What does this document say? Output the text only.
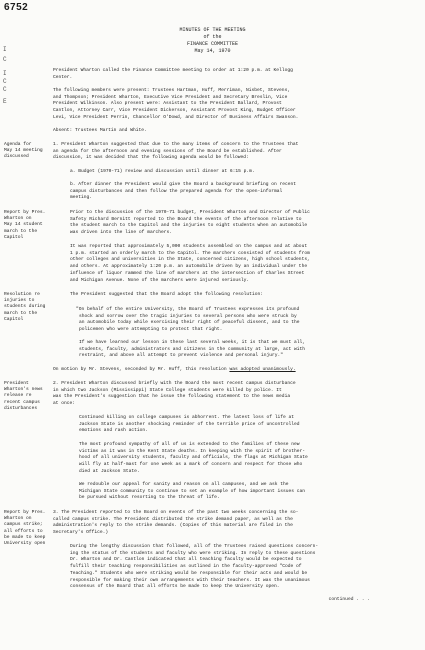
6752
I
C
I
C
C
E
MINUTES OF THE MEETING
of the
FINANCE COMMITTEE
May 14, 1970
President Wharton called the Finance Committee meeting to order at 1:20 p.m. at Kellogg
Center.
The following members were present: Trustees Hartman, Huff, Merriman, Nisbet, Stevens,
and Thompson; President Wharton, Executive Vice President and Secretary Breslin, Vice
President Wilkinson. Also present were: Assistant to the President Ballard, Provost
Cantlon, Attorney Carr, Vice President Dickerson, Assistant Provost King, Budget Officer
Levi, Vice President Perrin, Chancellor O'Dowd, and Director of Business Affairs Swanson.
Absent: Trustees Martin and White.
Agenda for
May 14 meeting
discussed
1. President Wharton suggested that due to the many items of concern to the Trustees that
an agenda for the afternoon and evening sessions of the Board be established. After
discussion, it was decided that the following agenda would be followed:
a. Budget (1970-71) review and discussion until dinner at 6:15 p.m.
b. After dinner the President would give the Board a background briefing on recent
campus disturbances and then follow the prepared agenda for the open-informal
meeting.
Report by Pres.
Wharton on
May 14 student
march to the
Capitol
Prior to the discussion of the 1970-71 budget, President Wharton and Director of Public
Safety Richard Bernitt reported to the Board the events of the afternoon relative to
the student march to the Capitol and the injuries to eight students when an automobile
was driven into the line of marchers.
It was reported that approximately 5,000 students assembled on the campus and at about
1 p.m. started an orderly march to the Capitol. The marchers consisted of students from
other colleges and universities in the State, concerned citizens, high school students,
and others. At approximately 1:20 p.m. an automobile driven by an individual under the
influence of liquor rammed the line of marchers at the intersection of Charles Street
and Michigan Avenue. None of the marchers were injured seriously.
Resolution re
injuries to
students during
march to the
Capitol
The President suggested that the Board adopt the following resolution:
"On behalf of the entire University, the Board of Trustees expresses its profound
shock and sorrow over the tragic injuries to several persons who were struck by
an automobile today while exercising their right of peaceful dissent, and to the
policemen who were attempting to protect that right.
If we have learned our lesson in these last several weeks, it is that we must all,
students, faculty, administrators and citizens in the community at large, act with
restraint, and above all attempt to prevent violence and personal injury."
On motion by Mr. Stevens, seconded by Mr. Huff, this resolution was adopted unanimously.
President
Wharton's news
release re
recent campus
disturbances
2. President Wharton discussed briefly with the Board the most recent campus disturbance
in which two Jackson (Mississippi) State College students were killed by police. It
was the President's suggestion that he issue the following statement to the news media
at once:
Continued killing on college campuses is abhorrent. The latest loss of life at
Jackson State is another shocking reminder of the terrible price of uncontrolled
emotions and rash action.
The most profound sympathy of all of us is extended to the families of these new
victims as it was in the Kent State deaths. In keeping with the spirit of brother-
hood of all university students, faculty and officials, the flags at Michigan State
will fly at half-mast for one week as a mark of concern and respect for those who
died at Jackson State.
We redouble our appeal for sanity and reason on all campuses, and we ask the
Michigan State community to continue to set an example of how important issues can
be pursued without resorting to the threat of life.
Report by Pres.
Wharton on
campus strike;
all efforts to
be made to keep
University open
3. The President reported to the Board on events of the past two weeks concerning the so-
called campus strike. The President distributed the strike demand paper, as well as the
administration's reply to the strike demands. (Copies of this material are filed in the
Secretary's Office.)
During the lengthy discussion that followed, all of the Trustees raised questions concern-
ing the status of the students and faculty who were striking. In reply to these questions
Dr. Wharton and Dr. Cantlon indicated that all teaching faculty would be expected to
fulfill their teaching responsibilities as outlined in the faculty-approved "Code of
Teaching." Students who were striking would be responsible for their acts and would be
responsible for making their own arrangements with their teachers. It was the unanimous
consensus of the Board that all efforts be made to keep the University open.
continued . . .
